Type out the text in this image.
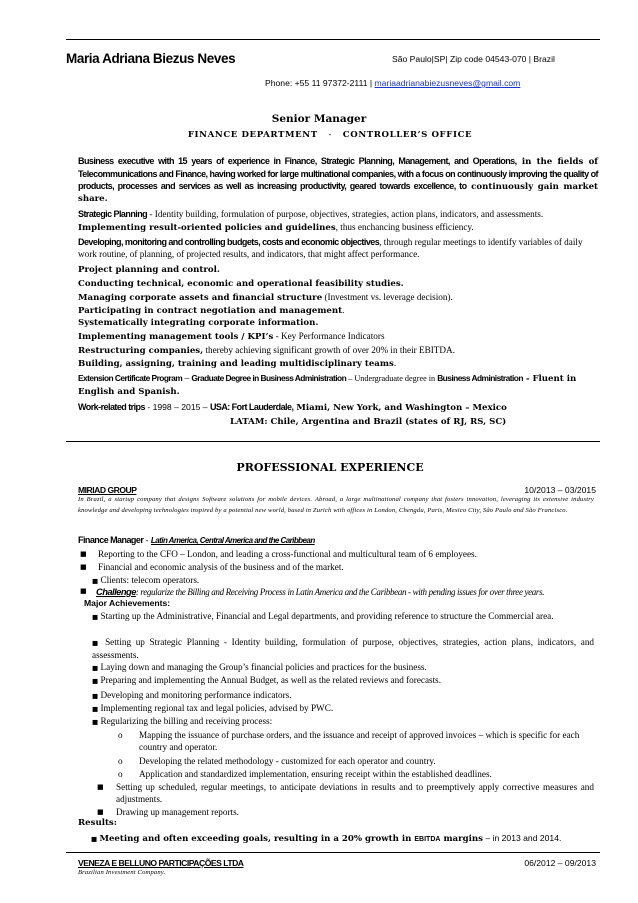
Maria Adriana Biezus Neves	São Paulo|SP| Zip code 04543-070 | Brazil
Phone: +55 11 97372-2111 | mariaadrianabiezusneves@gmail.com
Senior Manager
FINANCE DEPARTMENT - CONTROLLER’S OFFICE
Business executive with 15 years of experience in Finance, Strategic Planning, Management, and Operations, in the fields of Telecommunications and Finance, having worked for large multinational companies, with a focus on continuously improving the quality of products, processes and services as well as increasing productivity, geared towards excellence, to continuously gain market share.
Strategic Planning - Identity building, formulation of purpose, objectives, strategies, action plans, indicators, and assessments.
Implementing result-oriented policies and guidelines, thus enchancing business efficiency.
Developing, monitoring and controlling budgets, costs and economic objectives, through regular meetings to identify variables of daily work routine, of planning, of projected results, and indicators, that might affect performance.
Project planning and control.
Conducting technical, economic and operational feasibility studies.
Managing corporate assets and financial structure (Investment vs. leverage decision).
Participating in contract negotiation and management.
Systematically integrating corporate information.
Implementing management tools / KPI’s - Key Performance Indicators
Restructuring companies, thereby achieving significant growth of over 20% in their EBITDA.
Building, assigning, training and leading multidisciplinary teams.
Extension Certificate Program – Graduate Degree in Business Administration – Undergraduate degree in Business Administration - Fluent in English and Spanish.
Work-related trips - 1998 – 2015 – USA: Fort Lauderdale, Miami, New York, and Washington – Mexico
LATAM: Chile, Argentina and Brazil (states of RJ, RS, SC)
PROFESSIONAL EXPERIENCE
MIRIAD GROUP	10/2013 – 03/2015
In Brazil, a startup company that designs Software solutions for mobile devices. Abroad, a large multinational company that fosters innovation, leveraging its extensive industry knowledge and developing technologies inspired by a potential new world, based in Zurich with offices in London, Chengdu, Paris, Mexico City, São Paulo and São Francisco.
Finance Manager - Latin America, Central America and the Caribbean
■ Reporting to the CFO – London, and leading a cross-functional and multicultural team of 6 employees.
■ Financial and economic analysis of the business and of the market.
■ Clients: telecom operators.
■ Challenge: regularize the Billing and Receiving Process in Latin America and the Caribbean - with pending issues for over three years.
Major Achievements:
■ Starting up the Administrative, Financial and Legal departments, and providing reference to structure the Commercial area.
■ Setting up Strategic Planning - Identity building, formulation of purpose, objectives, strategies, action plans, indicators, and assessments.
■ Laying down and managing the Group’s financial policies and practices for the business.
■ Preparing and implementing the Annual Budget, as well as the related reviews and forecasts.
■ Developing and monitoring performance indicators.
■ Implementing regional tax and legal policies, advised by PWC.
■ Regularizing the billing and receiving process:
o Mapping the issuance of purchase orders, and the issuance and receipt of approved invoices – which is specific for each country and operator.
o Developing the related methodology - customized for each operator and country.
o Application and standardized implementation, ensuring receipt within the established deadlines.
■ Setting up scheduled, regular meetings, to anticipate deviations in results and to preemptively apply corrective measures and adjustments.
■ Drawing up management reports.
Results:
■ Meeting and often exceeding goals, resulting in a 20% growth in EBITDA margins – in 2013 and 2014.
VENEZA E BELLUNO PARTICIPAÇÕES LTDA	06/2012 – 09/2013
Brazilian Investment Company.
